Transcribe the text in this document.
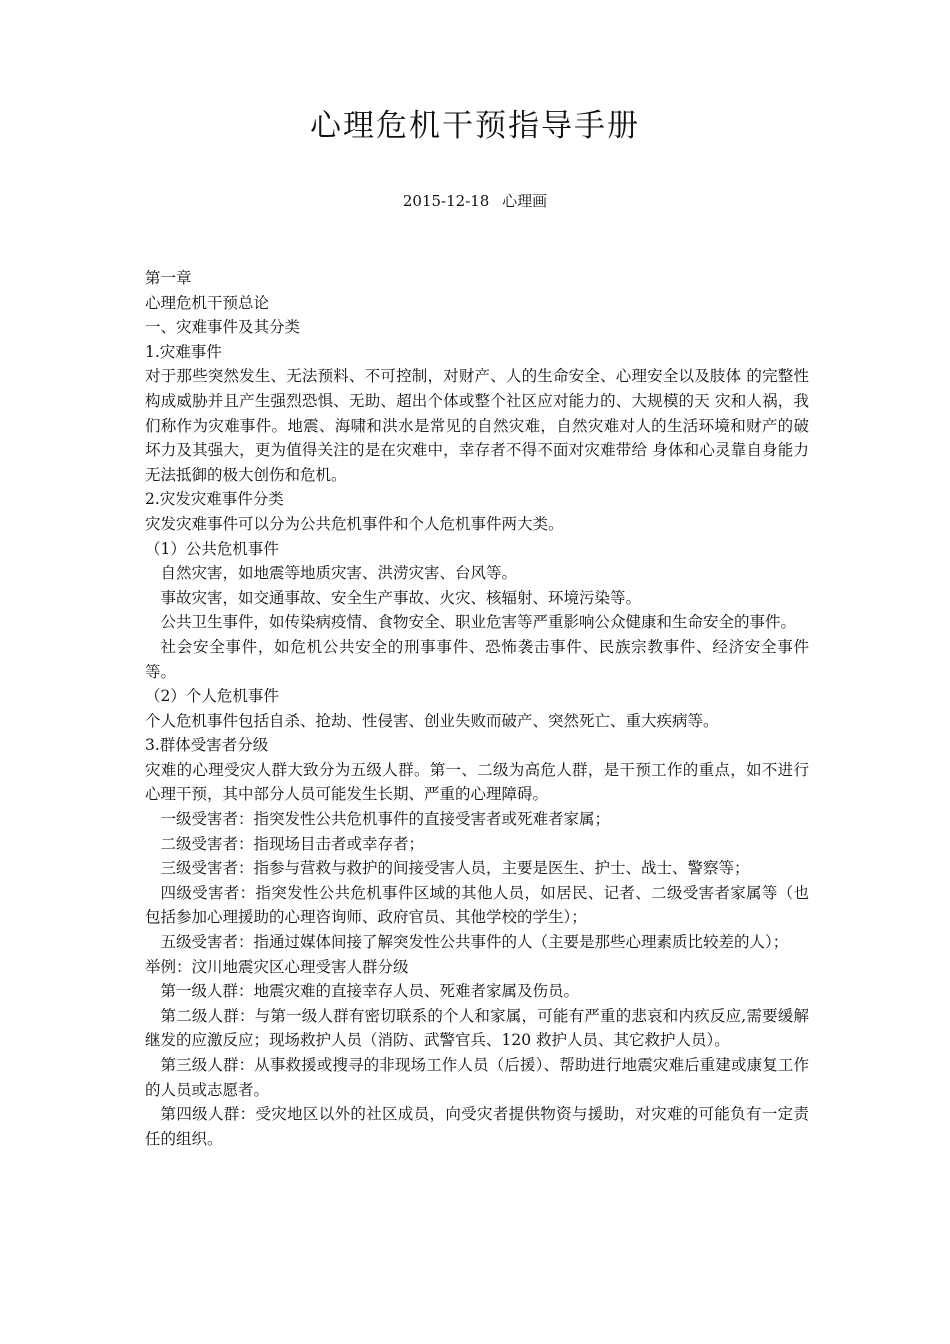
心理危机干预指导手册
2015-12-18 心理画

第一章

心理危机干预总论

一、灾难事件及其分类

1.灾难事件

对于那些突然发生、无法预料、不可控制，对财产、人的生命安全、心理安全以及肢体 的完整性构成威胁并且产生强烈恐惧、无助、超出个体或整个社区应对能力的、大规模的天 灾和人祸，我们称作为灾难事件。地震、海啸和洪水是常见的自然灾难，自然灾难对人的生活环境和财产的破坏力及其强大，更为值得关注的是在灾难中，幸存者不得不面对灾难带给 身体和心灵靠自身能力无法抵御的极大创伤和危机。

2.灾发灾难事件分类

灾发灾难事件可以分为公共危机事件和个人危机事件两大类。

（1）公共危机事件

自然灾害，如地震等地质灾害、洪涝灾害、台风等。

事故灾害，如交通事故、安全生产事故、火灾、核辐射、环境污染等。

公共卫生事件，如传染病疫情、食物安全、职业危害等严重影响公众健康和生命安全的事件。

社会安全事件，如危机公共安全的刑事事件、恐怖袭击事件、民族宗教事件、经济安全事件等。

（2）个人危机事件

个人危机事件包括自杀、抢劫、性侵害、创业失败而破产、突然死亡、重大疾病等。

3.群体受害者分级

灾难的心理受灾人群大致分为五级人群。第一、二级为高危人群，是干预工作的重点，如不进行心理干预，其中部分人员可能发生长期、严重的心理障碍。

一级受害者：指突发性公共危机事件的直接受害者或死难者家属；

二级受害者：指现场目击者或幸存者；

三级受害者：指参与营救与救护的间接受害人员，主要是医生、护士、战士、警察等；

四级受害者：指突发性公共危机事件区域的其他人员，如居民、记者、二级受害者家属等（也包括参加心理援助的心理咨询师、政府官员、其他学校的学生）；

五级受害者：指通过媒体间接了解突发性公共事件的人（主要是那些心理素质比较差的人）；

举例：汶川地震灾区心理受害人群分级

第一级人群：地震灾难的直接幸存人员、死难者家属及伤员。

第二级人群：与第一级人群有密切联系的个人和家属，可能有严重的悲哀和内疚反应,需要缓解继发的应激反应；现场救护人员（消防、武警官兵、120 救护人员、其它救护人员）。

第三级人群：从事救援或搜寻的非现场工作人员（后援）、帮助进行地震灾难后重建或康复工作的人员或志愿者。

第四级人群：受灾地区以外的社区成员，向受灾者提供物资与援助，对灾难的可能负有一定责任的组织。
